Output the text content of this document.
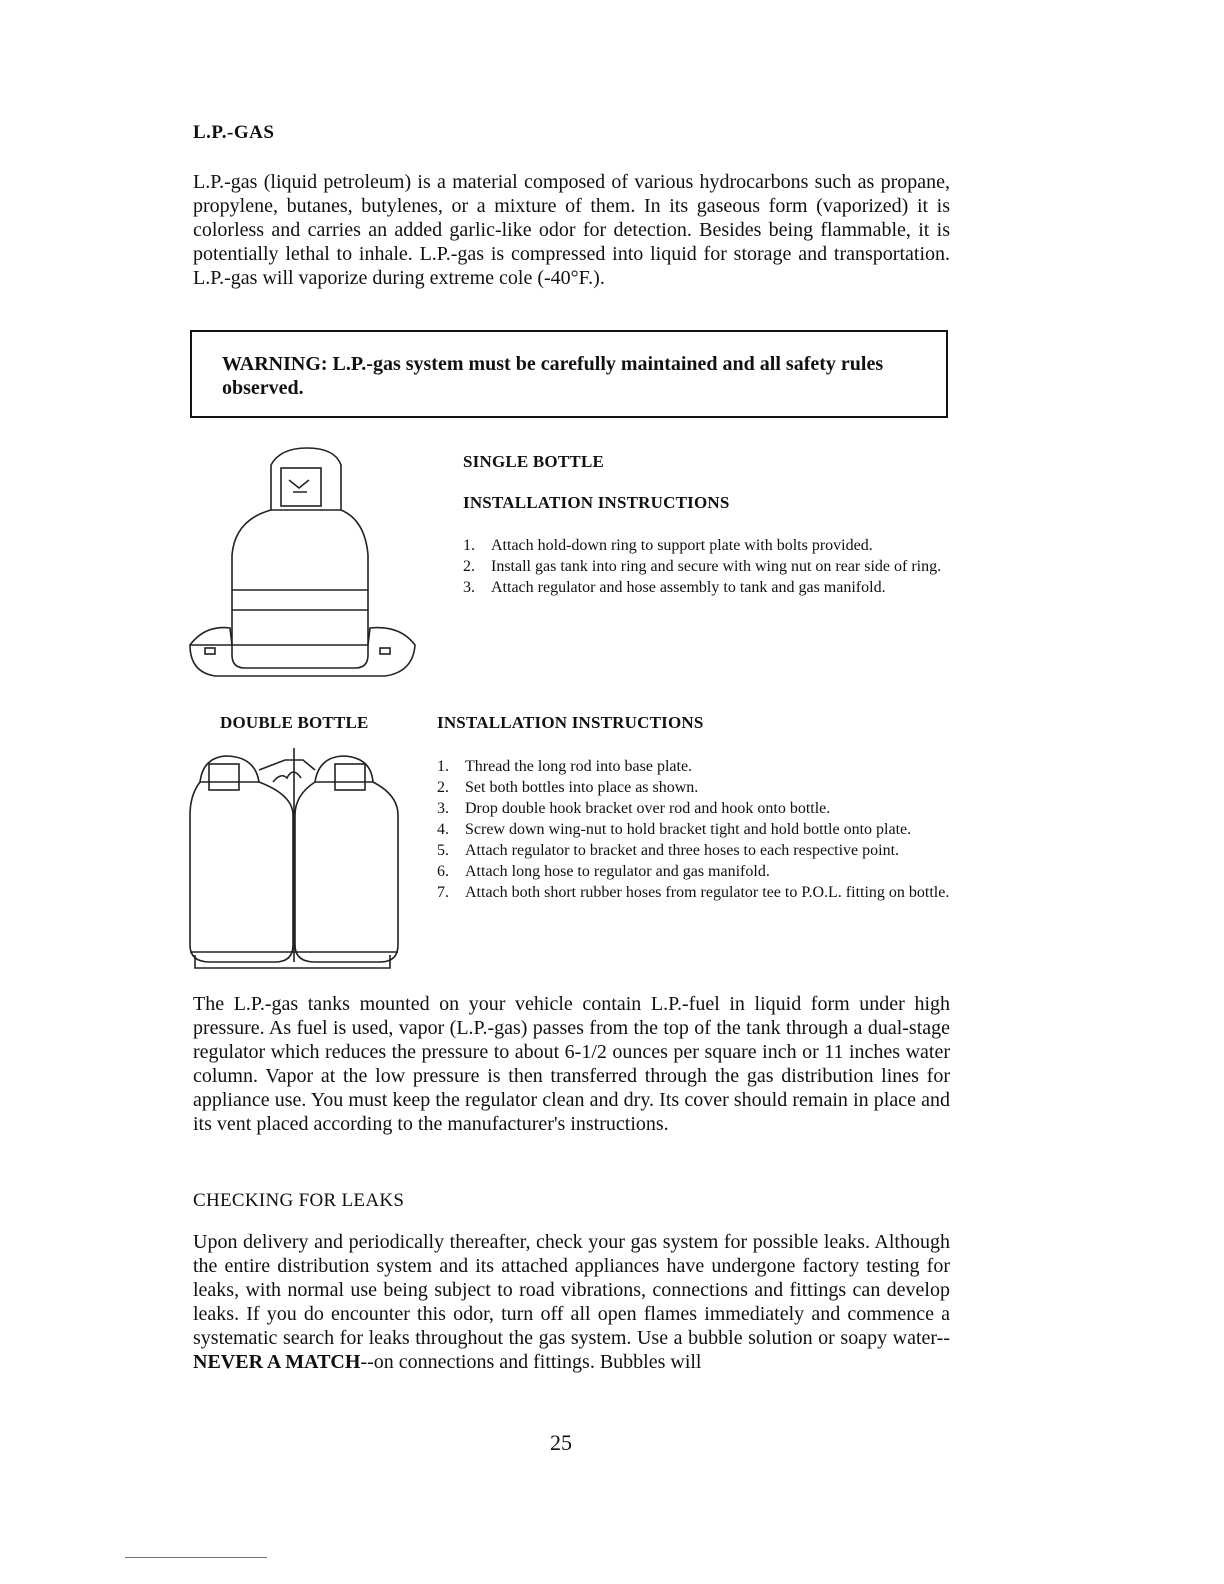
L.P.-GAS

L.P.-gas (liquid petroleum) is a material composed of various hydrocarbons such as propane, propylene, butanes, butylenes, or a mixture of them. In its gaseous form (vaporized) it is colorless and carries an added garlic-like odor for detection. Besides being flammable, it is potentially lethal to inhale. L.P.-gas is compressed into liquid for storage and transportation. L.P.-gas will vaporize during extreme cole (-40°F.).

WARNING: L.P.-gas system must be carefully maintained and all safety rules observed.
SINGLE BOTTLE
INSTALLATION INSTRUCTIONS
1. Attach hold-down ring to support plate with bolts provided.
2. Install gas tank into ring and secure with wing nut on rear side of ring.
3. Attach regulator and hose assembly to tank and gas manifold.
DOUBLE BOTTLE	INSTALLATION INSTRUCTIONS
1. Thread the long rod into base plate.
2. Set both bottles into place as shown.
3. Drop double hook bracket over rod and hook onto bottle.
4. Screw down wing-nut to hold bracket tight and hold bottle onto plate.
5. Attach regulator to bracket and three hoses to each respective point.
6. Attach long hose to regulator and gas manifold.
7. Attach both short rubber hoses from regulator tee to P.O.L. fitting on bottle.

The L.P.-gas tanks mounted on your vehicle contain L.P.-fuel in liquid form under high pressure. As fuel is used, vapor (L.P.-gas) passes from the top of the tank through a dual-stage regulator which reduces the pressure to about 6-1/2 ounces per square inch or 11 inches water column. Vapor at the low pressure is then transferred through the gas distribution lines for appliance use. You must keep the regulator clean and dry. Its cover should remain in place and its vent placed according to the manufacturer's instructions.

CHECKING FOR LEAKS

Upon delivery and periodically thereafter, check your gas system for possible leaks. Although the entire distribution system and its attached appliances have undergone factory testing for leaks, with normal use being subject to road vibrations, connections and fittings can develop leaks. If you do encounter this odor, turn off all open flames immediately and commence a systematic search for leaks throughout the gas system. Use a bubble solution or soapy water--NEVER A MATCH--on connections and fittings. Bubbles will

25
